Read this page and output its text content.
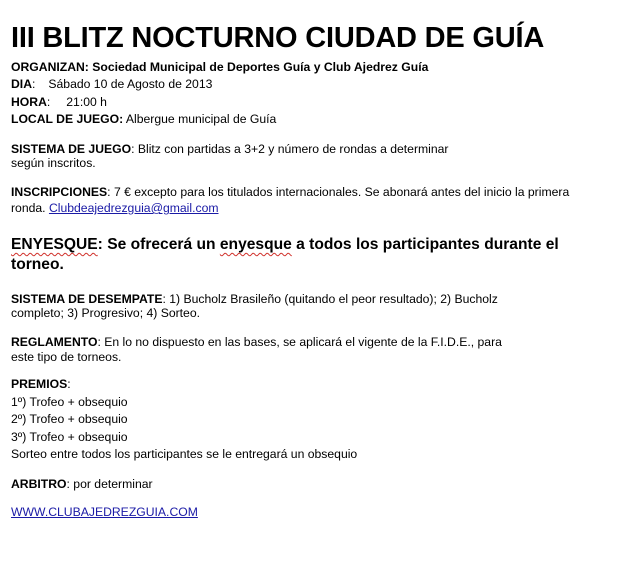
III BLITZ NOCTURNO CIUDAD DE GUÍA
ORGANIZAN: Sociedad Municipal de Deportes Guía y Club Ajedrez Guía
DIA: Sábado 10 de Agosto de 2013
HORA: 21:00 h
LOCAL DE JUEGO: Albergue municipal de Guía
SISTEMA DE JUEGO: Blitz con partidas a 3+2 y número de rondas a determinar
según inscritos.
INSCRIPCIONES: 7 € excepto para los titulados internacionales. Se abonará antes del inicio la primera
ronda. Clubdeajedrezguia@gmail.com
ENYESQUE: Se ofrecerá un enyesque a todos los participantes durante el
torneo.
SISTEMA DE DESEMPATE: 1) Bucholz Brasileño (quitando el peor resultado); 2) Bucholz
completo; 3) Progresivo; 4) Sorteo.
REGLAMENTO: En lo no dispuesto en las bases, se aplicará el vigente de la F.I.D.E., para
este tipo de torneos.
PREMIOS:
1º) Trofeo + obsequio
2º) Trofeo + obsequio
3º) Trofeo + obsequio
Sorteo entre todos los participantes se le entregará un obsequio
ARBITRO: por determinar
WWW.CLUBAJEDREZGUIA.COM
